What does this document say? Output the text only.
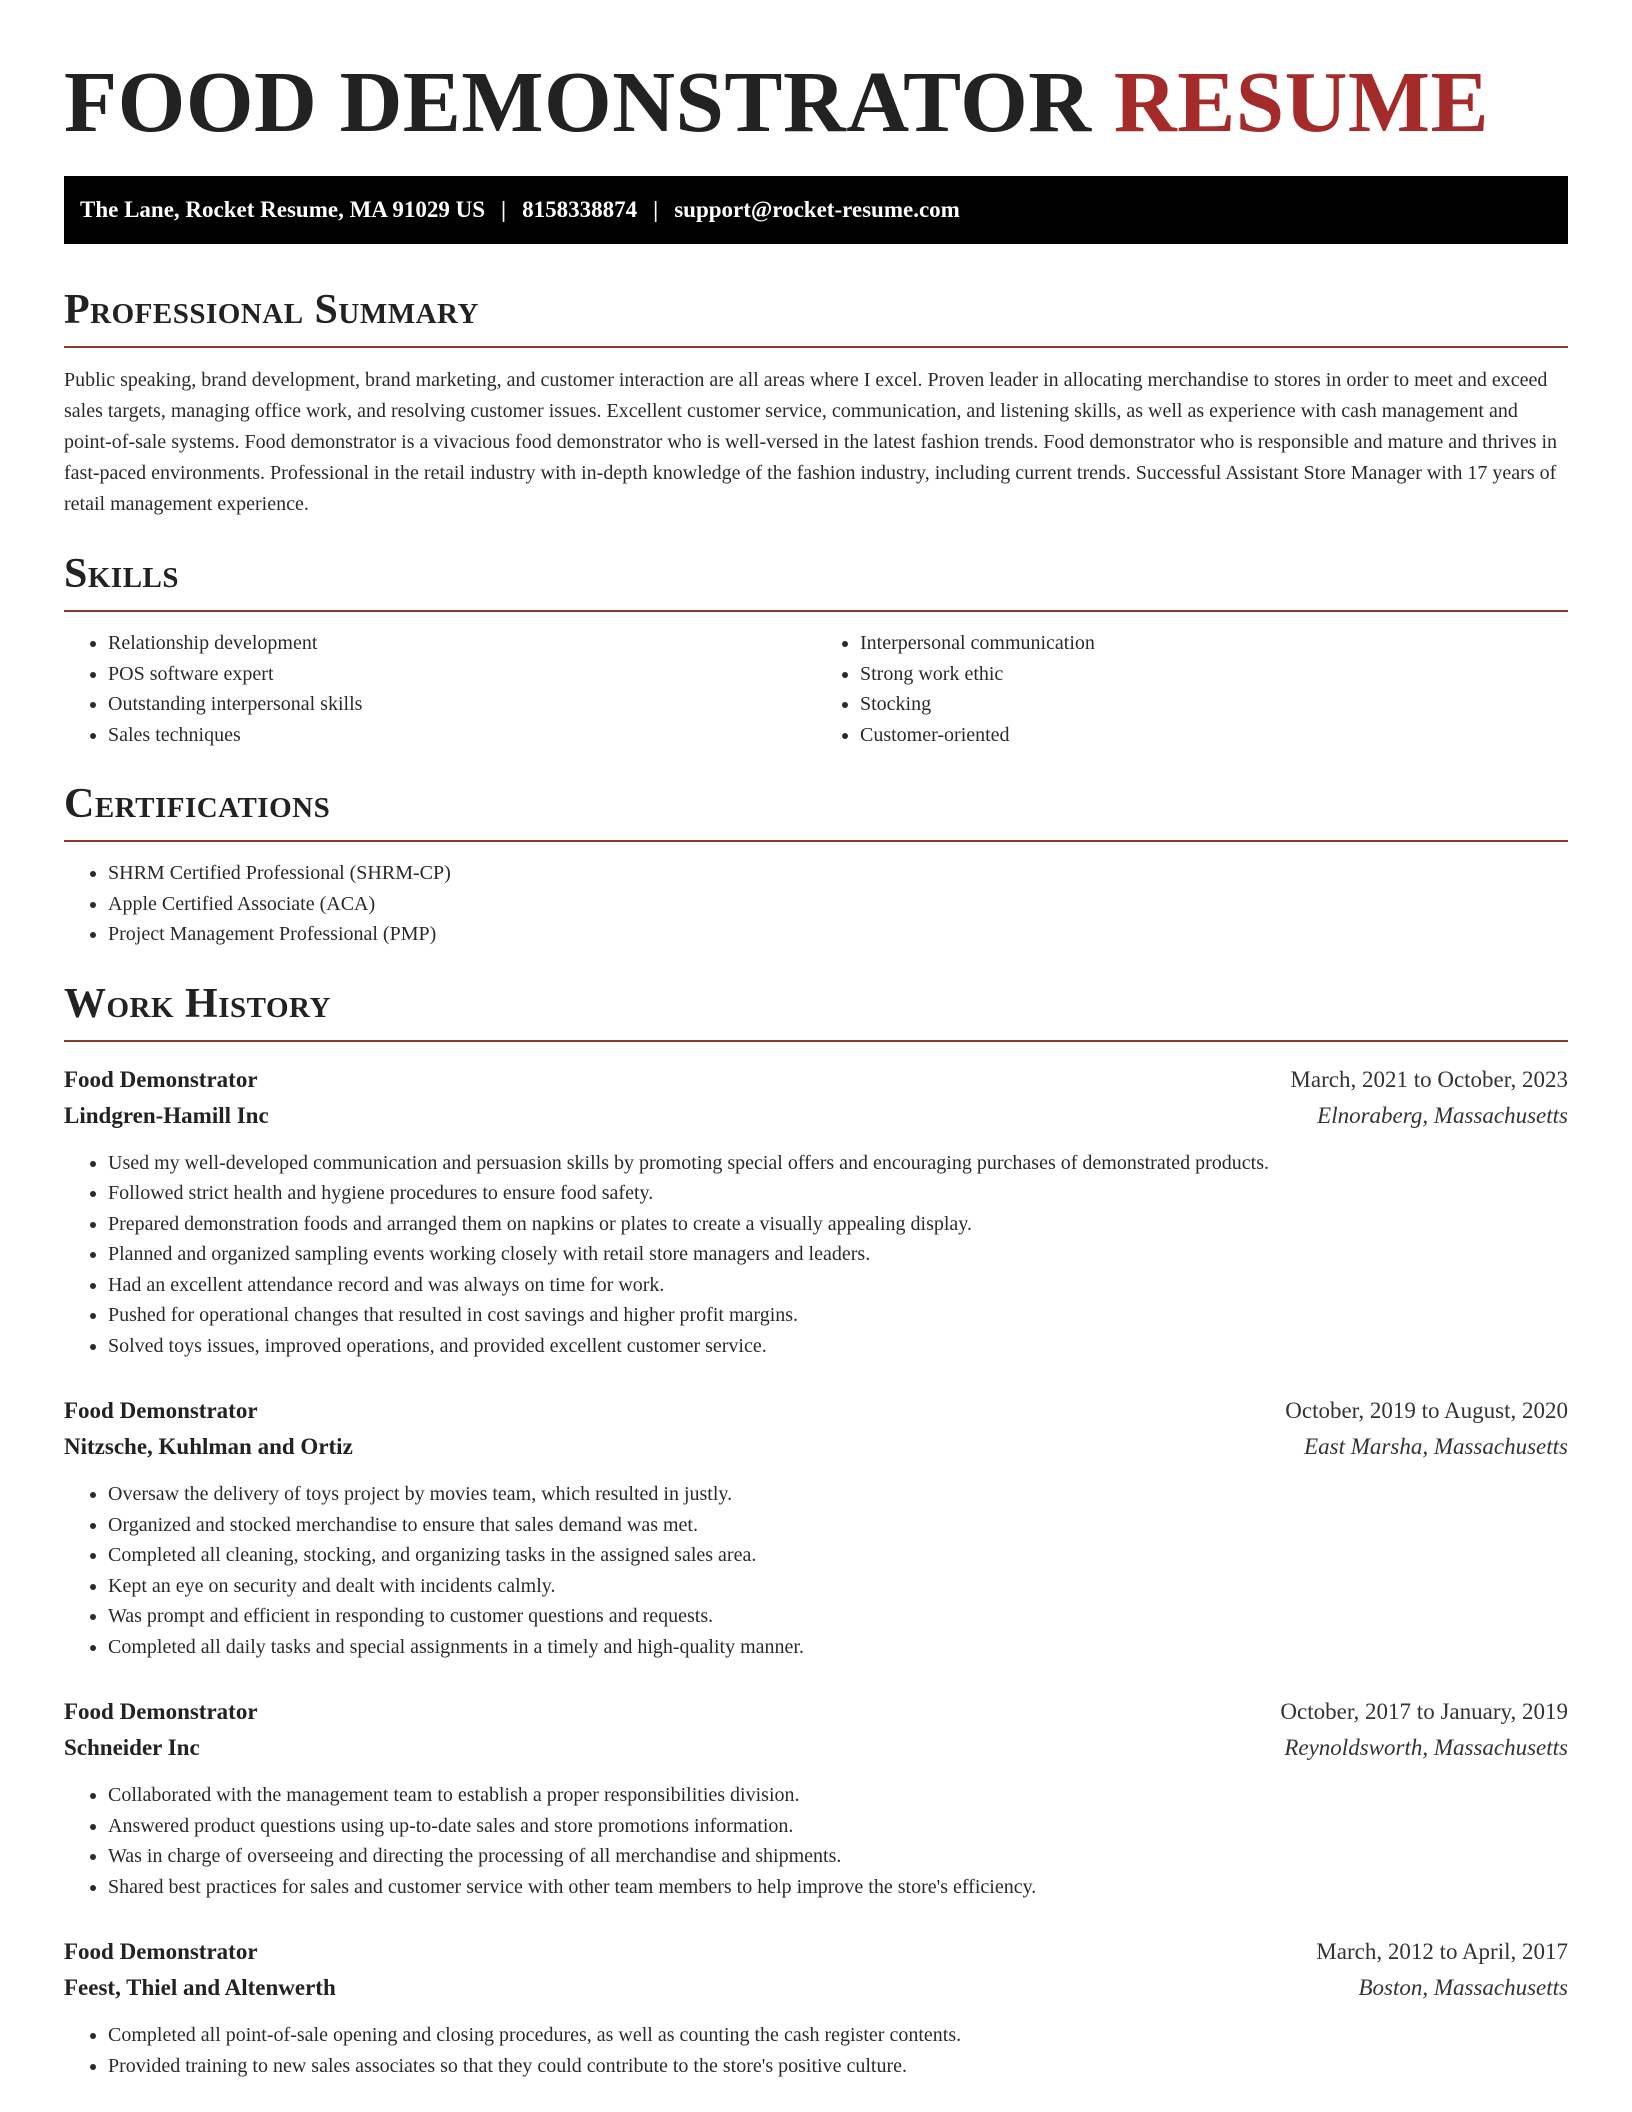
FOOD DEMONSTRATOR RESUME
The Lane, Rocket Resume, MA 91029 US | 8158338874 | support@rocket-resume.com
Professional Summary

Public speaking, brand development, brand marketing, and customer interaction are all areas where I excel. Proven leader in allocating merchandise to stores in order to meet and exceed sales targets, managing office work, and resolving customer issues. Excellent customer service, communication, and listening skills, as well as experience with cash management and point-of-sale systems. Food demonstrator is a vivacious food demonstrator who is well-versed in the latest fashion trends. Food demonstrator who is responsible and mature and thrives in fast-paced environments. Professional in the retail industry with in-depth knowledge of the fashion industry, including current trends. Successful Assistant Store Manager with 17 years of retail management experience.

Skills
• Relationship development
• POS software expert
• Outstanding interpersonal skills
• Sales techniques
• Interpersonal communication
• Strong work ethic
• Stocking
• Customer-oriented
Certifications
• SHRM Certified Professional (SHRM-CP)
• Apple Certified Associate (ACA)
• Project Management Professional (PMP)
Work History
Food Demonstrator	March, 2021 to October, 2023
Lindgren-Hamill Inc	Elnoraberg, Massachusetts
• Used my well-developed communication and persuasion skills by promoting special offers and encouraging purchases of demonstrated products.
• Followed strict health and hygiene procedures to ensure food safety.
• Prepared demonstration foods and arranged them on napkins or plates to create a visually appealing display.
• Planned and organized sampling events working closely with retail store managers and leaders.
• Had an excellent attendance record and was always on time for work.
• Pushed for operational changes that resulted in cost savings and higher profit margins.
• Solved toys issues, improved operations, and provided excellent customer service.
Food Demonstrator	October, 2019 to August, 2020
Nitzsche, Kuhlman and Ortiz	East Marsha, Massachusetts
• Oversaw the delivery of toys project by movies team, which resulted in justly.
• Organized and stocked merchandise to ensure that sales demand was met.
• Completed all cleaning, stocking, and organizing tasks in the assigned sales area.
• Kept an eye on security and dealt with incidents calmly.
• Was prompt and efficient in responding to customer questions and requests.
• Completed all daily tasks and special assignments in a timely and high-quality manner.
Food Demonstrator	October, 2017 to January, 2019
Schneider Inc	Reynoldsworth, Massachusetts
• Collaborated with the management team to establish a proper responsibilities division.
• Answered product questions using up-to-date sales and store promotions information.
• Was in charge of overseeing and directing the processing of all merchandise and shipments.
• Shared best practices for sales and customer service with other team members to help improve the store's efficiency.
Food Demonstrator	March, 2012 to April, 2017
Feest, Thiel and Altenwerth	Boston, Massachusetts
• Completed all point-of-sale opening and closing procedures, as well as counting the cash register contents.
• Provided training to new sales associates so that they could contribute to the store's positive culture.
